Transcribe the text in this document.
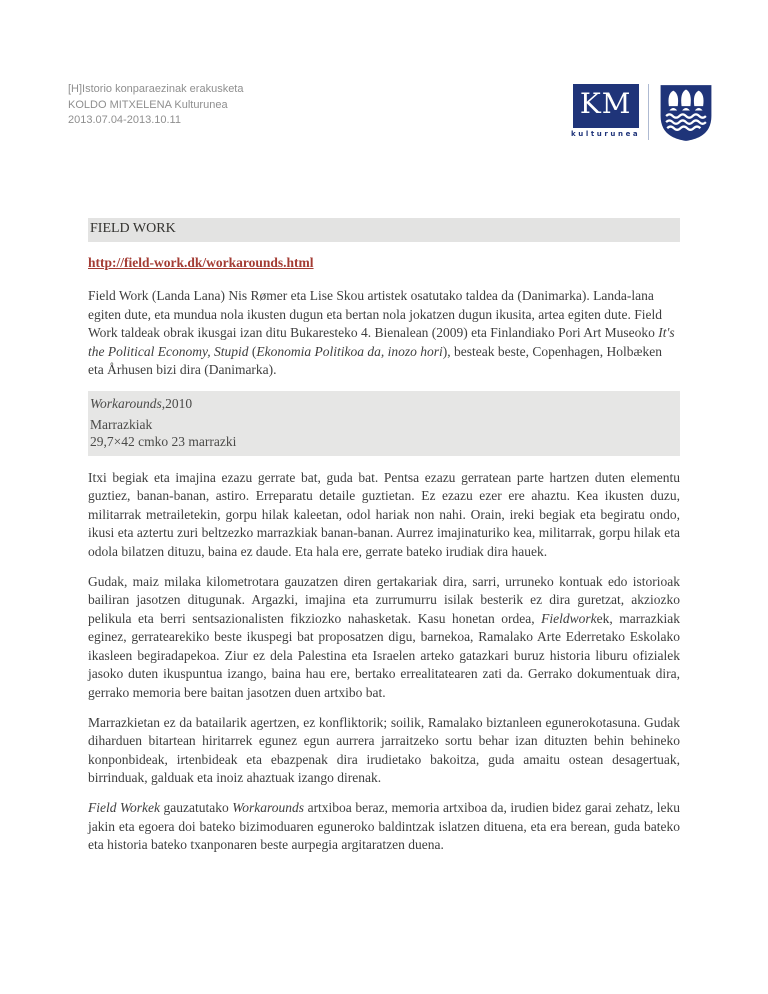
[H]Istorio konparaezinak erakusketa
KOLDO MITXELENA Kulturunea
2013.07.04-2013.10.11	KM
kulturunea
FIELD WORK
http://field-work.dk/workarounds.html

Field Work (Landa Lana) Nis Rømer eta Lise Skou artistek osatutako taldea da (Danimarka). Landa-lana egiten dute, eta mundua nola ikusten dugun eta bertan nola jokatzen dugun ikusita, artea egiten dute. Field Work taldeak obrak ikusgai izan ditu Bukaresteko 4. Bienalean (2009) eta Finlandiako Pori Art Museoko It's the Political Economy, Stupid (Ekonomia Politikoa da, inozo hori), besteak beste, Copenhagen, Holbæken eta Århusen bizi dira (Danimarka).

Workarounds,2010
Marrazkiak
29,7×42 cmko 23 marrazki

Itxi begiak eta imajina ezazu gerrate bat, guda bat. Pentsa ezazu gerratean parte hartzen duten elementu guztiez, banan-banan, astiro. Erreparatu detaile guztietan. Ez ezazu ezer ere ahaztu. Kea ikusten duzu, militarrak metrailetekin, gorpu hilak kaleetan, odol hariak non nahi. Orain, ireki begiak eta begiratu ondo, ikusi eta aztertu zuri beltzezko marrazkiak banan-banan. Aurrez imajinaturiko kea, militarrak, gorpu hilak eta odola bilatzen dituzu, baina ez daude. Eta hala ere, gerrate bateko irudiak dira hauek.

Gudak, maiz milaka kilometrotara gauzatzen diren gertakariak dira, sarri, urruneko kontuak edo istorioak bailiran jasotzen ditugunak. Argazki, imajina eta zurrumurru isilak besterik ez dira guretzat, akziozko pelikula eta berri sentsazionalisten fikziozko nahasketak. Kasu honetan ordea, Fieldworkek, marrazkiak eginez, gerratearekiko beste ikuspegi bat proposatzen digu, barnekoa, Ramalako Arte Ederretako Eskolako ikasleen begiradapekoa. Ziur ez dela Palestina eta Israelen arteko gatazkari buruz historia liburu ofizialek jasoko duten ikuspuntua izango, baina hau ere, bertako errealitatearen zati da. Gerrako dokumentuak dira, gerrako memoria bere baitan jasotzen duen artxibo bat.

Marrazkietan ez da batailarik agertzen, ez konfliktorik; soilik, Ramalako biztanleen egunerokotasuna. Gudak diharduen bitartean hiritarrek egunez egun aurrera jarraitzeko sortu behar izan dituzten behin behineko konponbideak, irtenbideak eta ebazpenak dira irudietako bakoitza, guda amaitu ostean desagertuak, birrinduak, galduak eta inoiz ahaztuak izango direnak.

Field Workek gauzatutako Workarounds artxiboa beraz, memoria artxiboa da, irudien bidez garai zehatz, leku jakin eta egoera doi bateko bizimoduaren eguneroko baldintzak islatzen dituena, eta era berean, guda bateko eta historia bateko txanponaren beste aurpegia argitaratzen duena.
